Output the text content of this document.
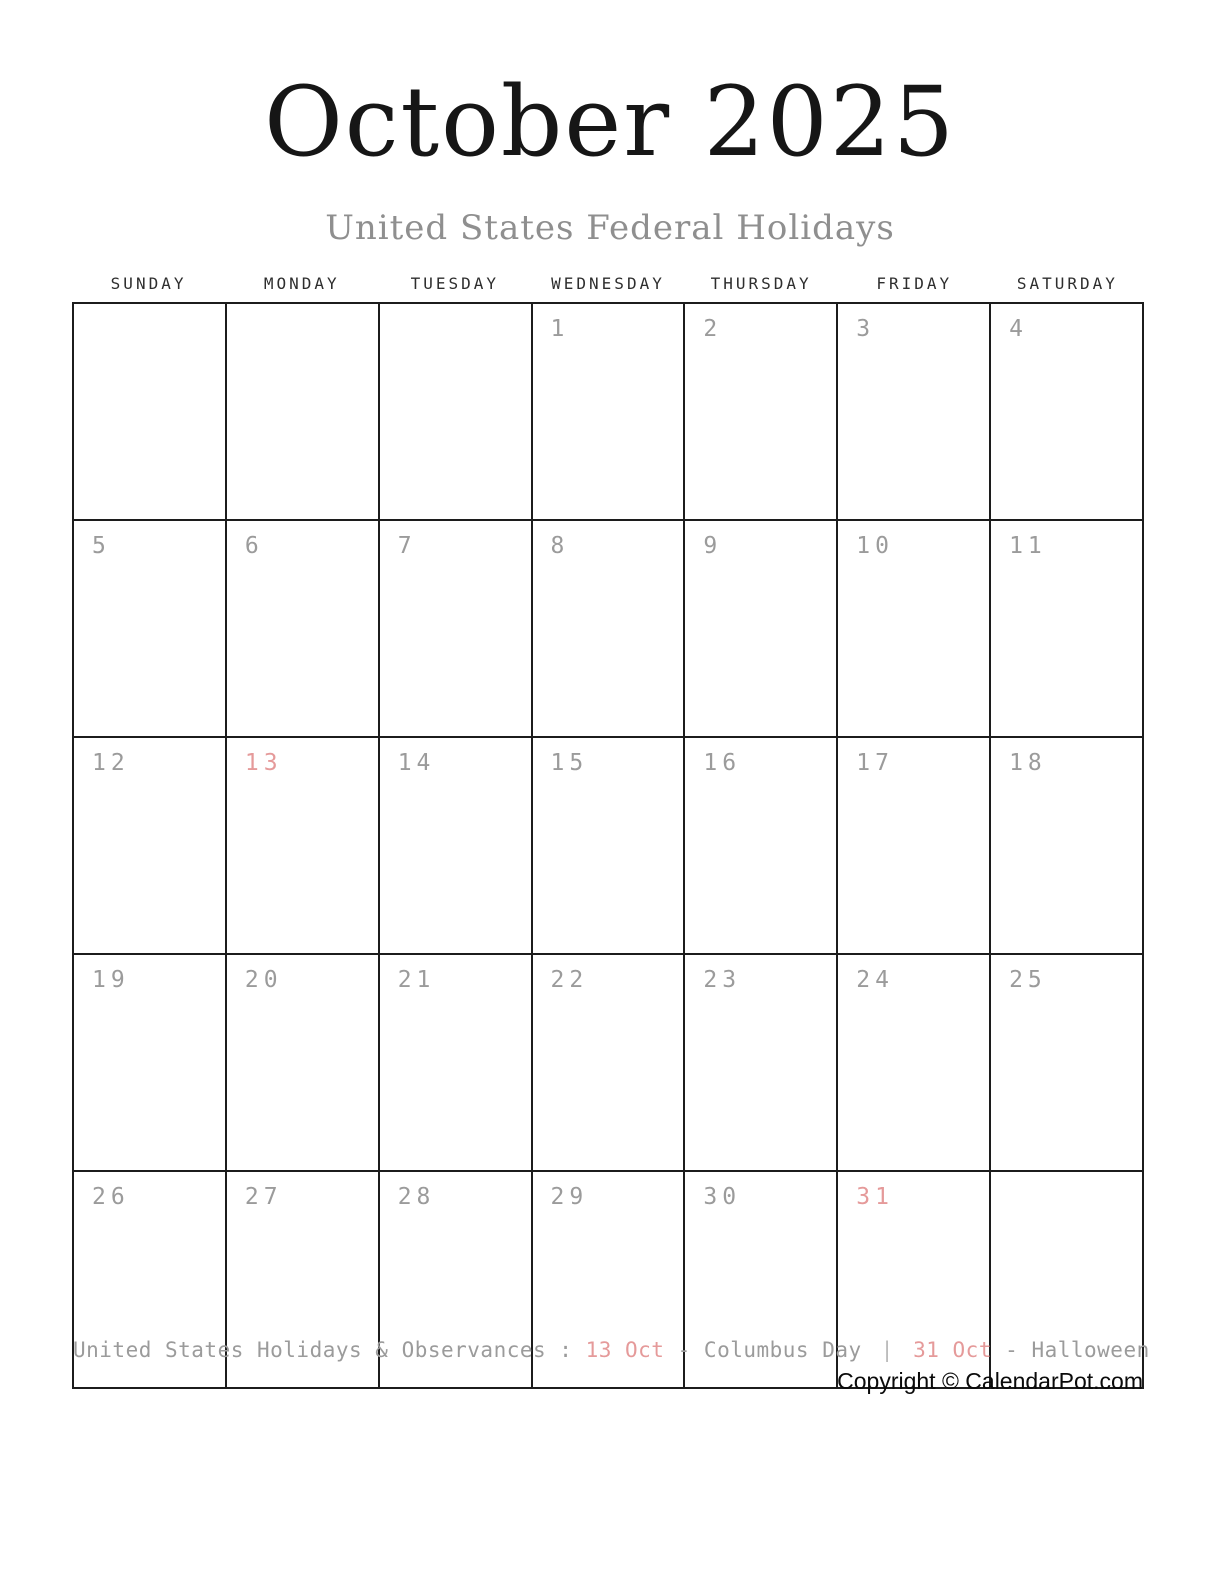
October 2025
United States Federal Holidays
SUNDAY	MONDAY	TUESDAY	WEDNESDAY	THURSDAY	FRIDAY	SATURDAY
			1	2	3	4
5	6	7	8	9	10	11
12	13	14	15	16	17	18
19	20	21	22	23	24	25
26	27	28	29	30	31	
United States Holidays & Observances : 13 Oct - Columbus Day | 31 Oct - Halloween
Copyright © CalendarPot.com
